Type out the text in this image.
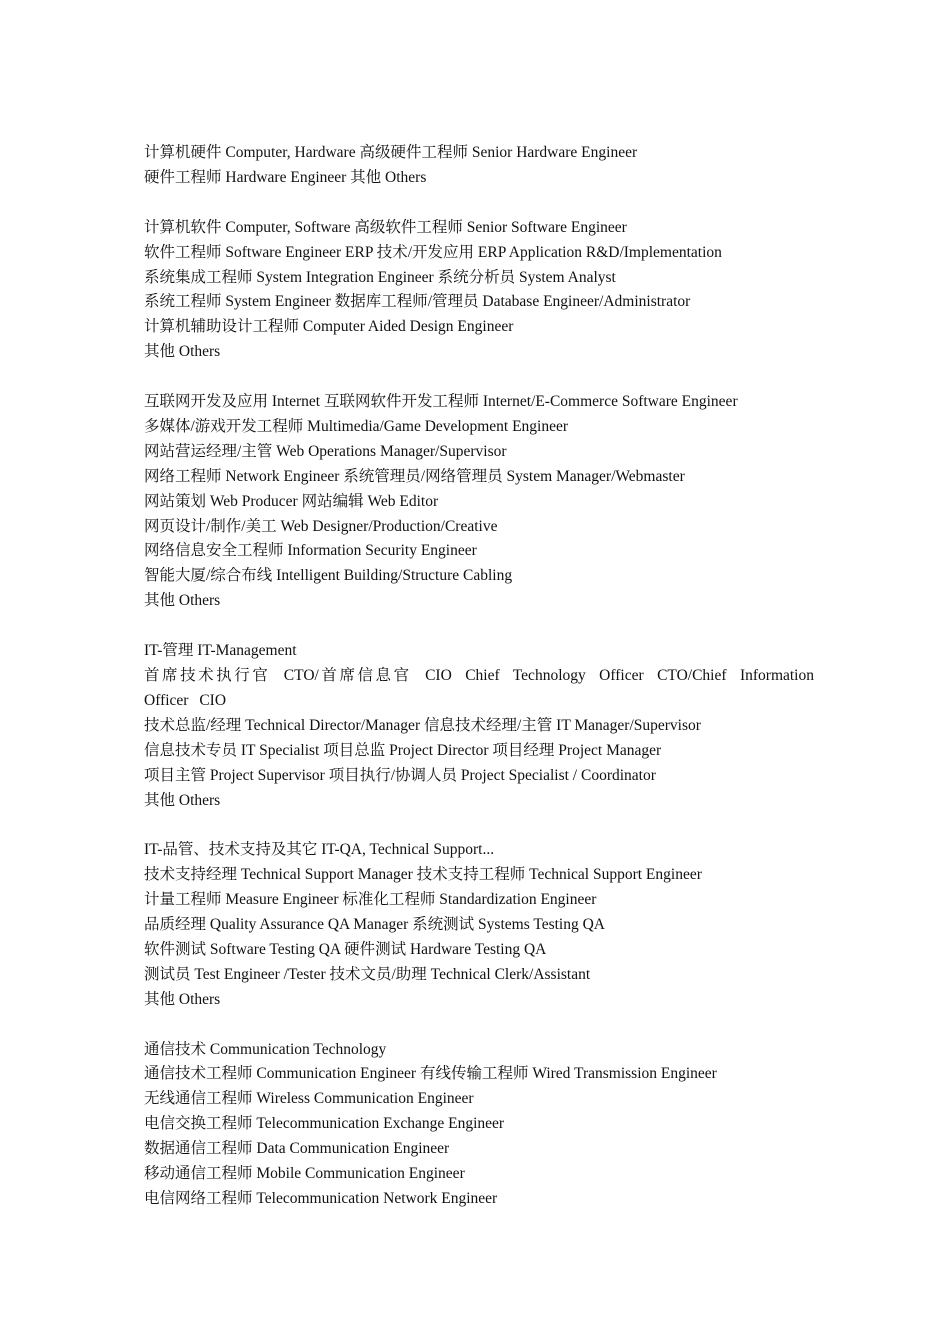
计算机硬件 Computer, Hardware 高级硬件工程师 Senior Hardware Engineer
硬件工程师 Hardware Engineer 其他 Others
计算机软件 Computer, Software 高级软件工程师 Senior Software Engineer
软件工程师 Software Engineer ERP 技术/开发应用 ERP Application R&D/Implementation
系统集成工程师 System Integration Engineer 系统分析员 System Analyst
系统工程师 System Engineer 数据库工程师/管理员 Database Engineer/Administrator
计算机辅助设计工程师 Computer Aided Design Engineer
其他 Others
互联网开发及应用 Internet 互联网软件开发工程师 Internet/E-Commerce Software Engineer
多媒体/游戏开发工程师 Multimedia/Game Development Engineer
网站营运经理/主管 Web Operations Manager/Supervisor
网络工程师 Network Engineer 系统管理员/网络管理员 System Manager/Webmaster
网站策划 Web Producer 网站编辑 Web Editor
网页设计/制作/美工 Web Designer/Production/Creative
网络信息安全工程师 Information Security Engineer
智能大厦/综合布线 Intelligent Building/Structure Cabling
其他 Others
IT-管理 IT-Management
首席技术执行官 CTO/首席信息官 CIO Chief Technology Officer CTO/Chief Information Officer CIO
技术总监/经理 Technical Director/Manager 信息技术经理/主管 IT Manager/Supervisor
信息技术专员 IT Specialist 项目总监 Project Director 项目经理 Project Manager
项目主管 Project Supervisor 项目执行/协调人员 Project Specialist / Coordinator
其他 Others
IT-品管、技术支持及其它 IT-QA, Technical Support...
技术支持经理 Technical Support Manager 技术支持工程师 Technical Support Engineer
计量工程师 Measure Engineer 标准化工程师 Standardization Engineer
品质经理 Quality Assurance QA Manager 系统测试 Systems Testing QA
软件测试 Software Testing QA 硬件测试 Hardware Testing QA
测试员 Test Engineer /Tester 技术文员/助理 Technical Clerk/Assistant
其他 Others
通信技术 Communication Technology
通信技术工程师 Communication Engineer 有线传输工程师 Wired Transmission Engineer
无线通信工程师 Wireless Communication Engineer
电信交换工程师 Telecommunication Exchange Engineer
数据通信工程师 Data Communication Engineer
移动通信工程师 Mobile Communication Engineer
电信网络工程师 Telecommunication Network Engineer
